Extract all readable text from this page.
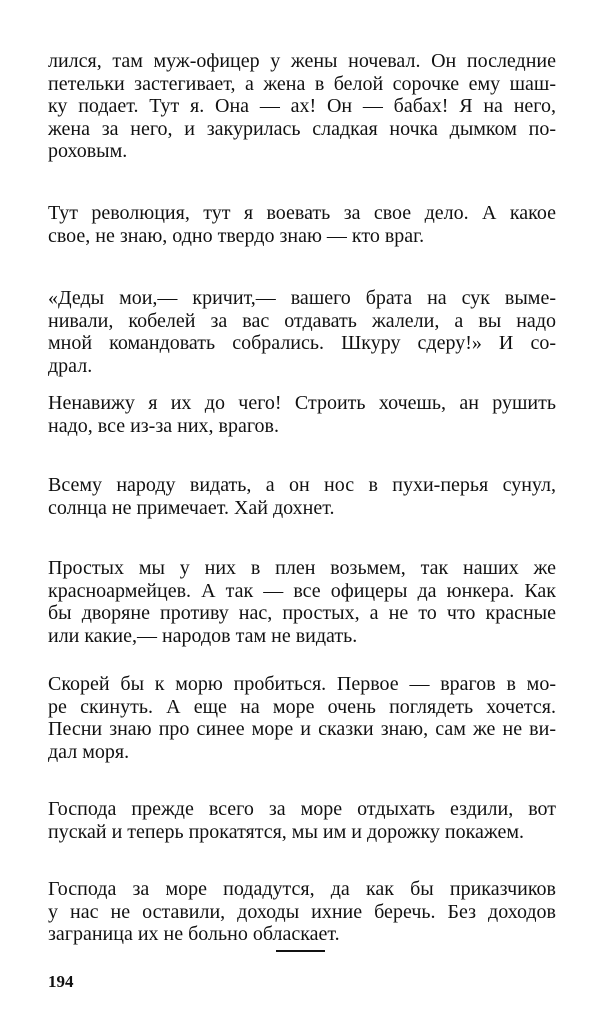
лился, там муж-офицер у жены ночевал. Он последние
петельки застегивает, а жена в белой сорочке ему шаш-
ку подает. Тут я. Она — ах! Он — бабах! Я на него,
жена за него, и закурилась сладкая ночка дымком по-
роховым.
Тут революция, тут я воевать за свое дело. А какое
свое, не знаю, одно твердо знаю — кто враг.
«Деды мои,— кричит,— вашего брата на сук выме-
нивали, кобелей за вас отдавать жалели, а вы надо
мной командовать собрались. Шкуру сдеру!» И со-
драл.
Ненавижу я их до чего! Строить хочешь, ан рушить
надо, все из-за них, врагов.
Всему народу видать, а он нос в пухи-перья сунул,
солнца не примечает. Хай дохнет.
Простых мы у них в плен возьмем, так наших же
красноармейцев. А так — все офицеры да юнкера. Как
бы дворяне противу нас, простых, а не то что красные
или какие,— народов там не видать.
Скорей бы к морю пробиться. Первое — врагов в мо-
ре скинуть. А еще на море очень поглядеть хочется.
Песни знаю про синее море и сказки знаю, сам же не ви-
дал моря.
Господа прежде всего за море отдыхать ездили, вот
пускай и теперь прокатятся, мы им и дорожку покажем.
Господа за море подадутся, да как бы приказчиков
у нас не оставили, доходы ихние беречь. Без доходов
заграница их не больно обласкает.
194
